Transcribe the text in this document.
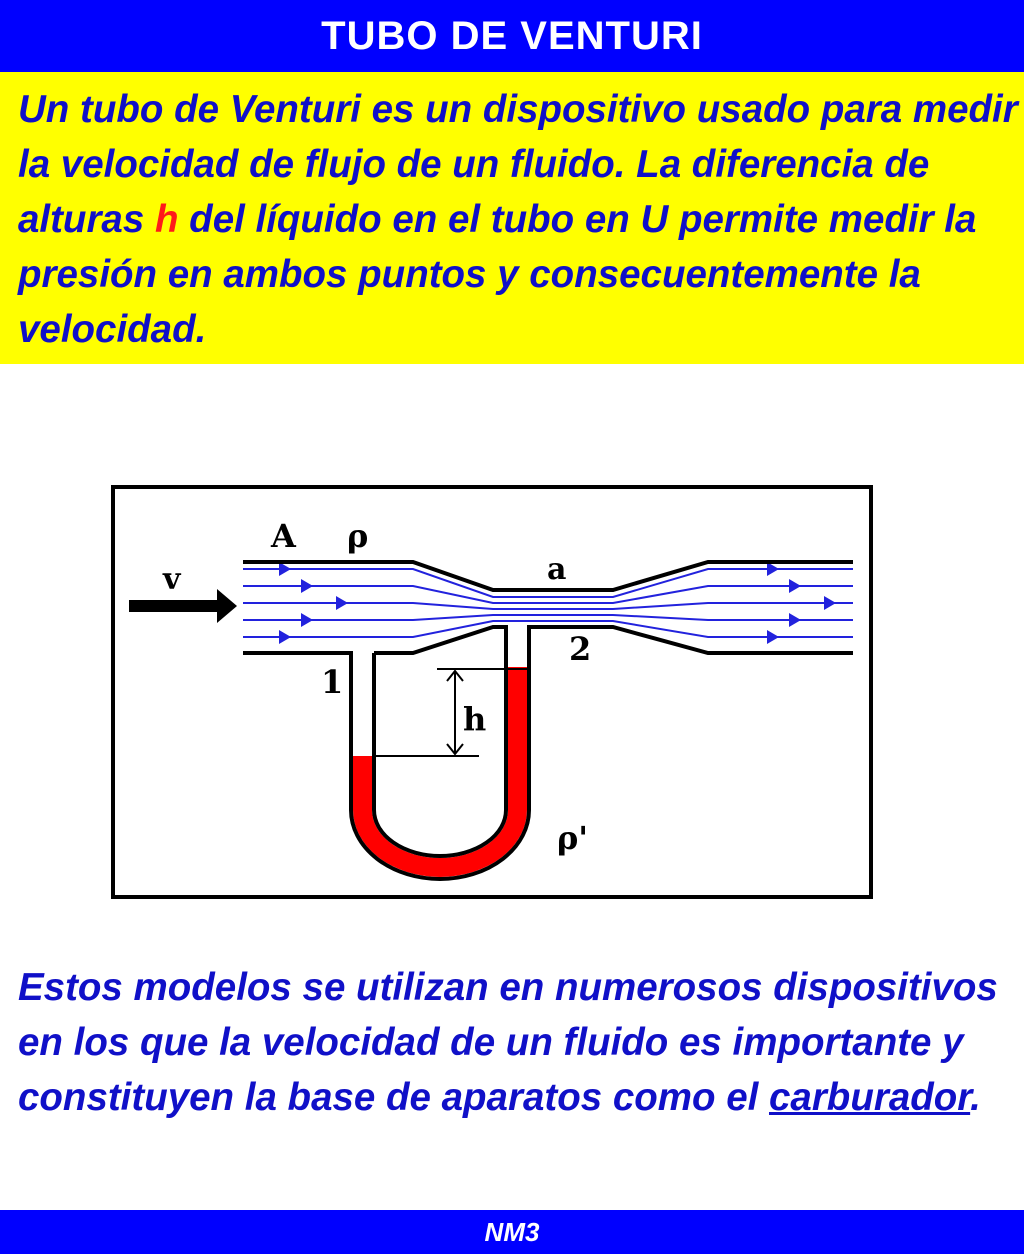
TUBO DE VENTURI
Un tubo de Venturi es un dispositivo usado para medir la velocidad de flujo de un fluido. La diferencia de alturas h del líquido en el tubo en U permite medir la presión en ambos puntos y consecuentemente la velocidad.
v
A ρ
a
1
2
h
ρ'
Estos modelos se utilizan en numerosos dispositivos en los que la velocidad de un fluido es importante y constituyen la base de aparatos como el carburador.
NM3
